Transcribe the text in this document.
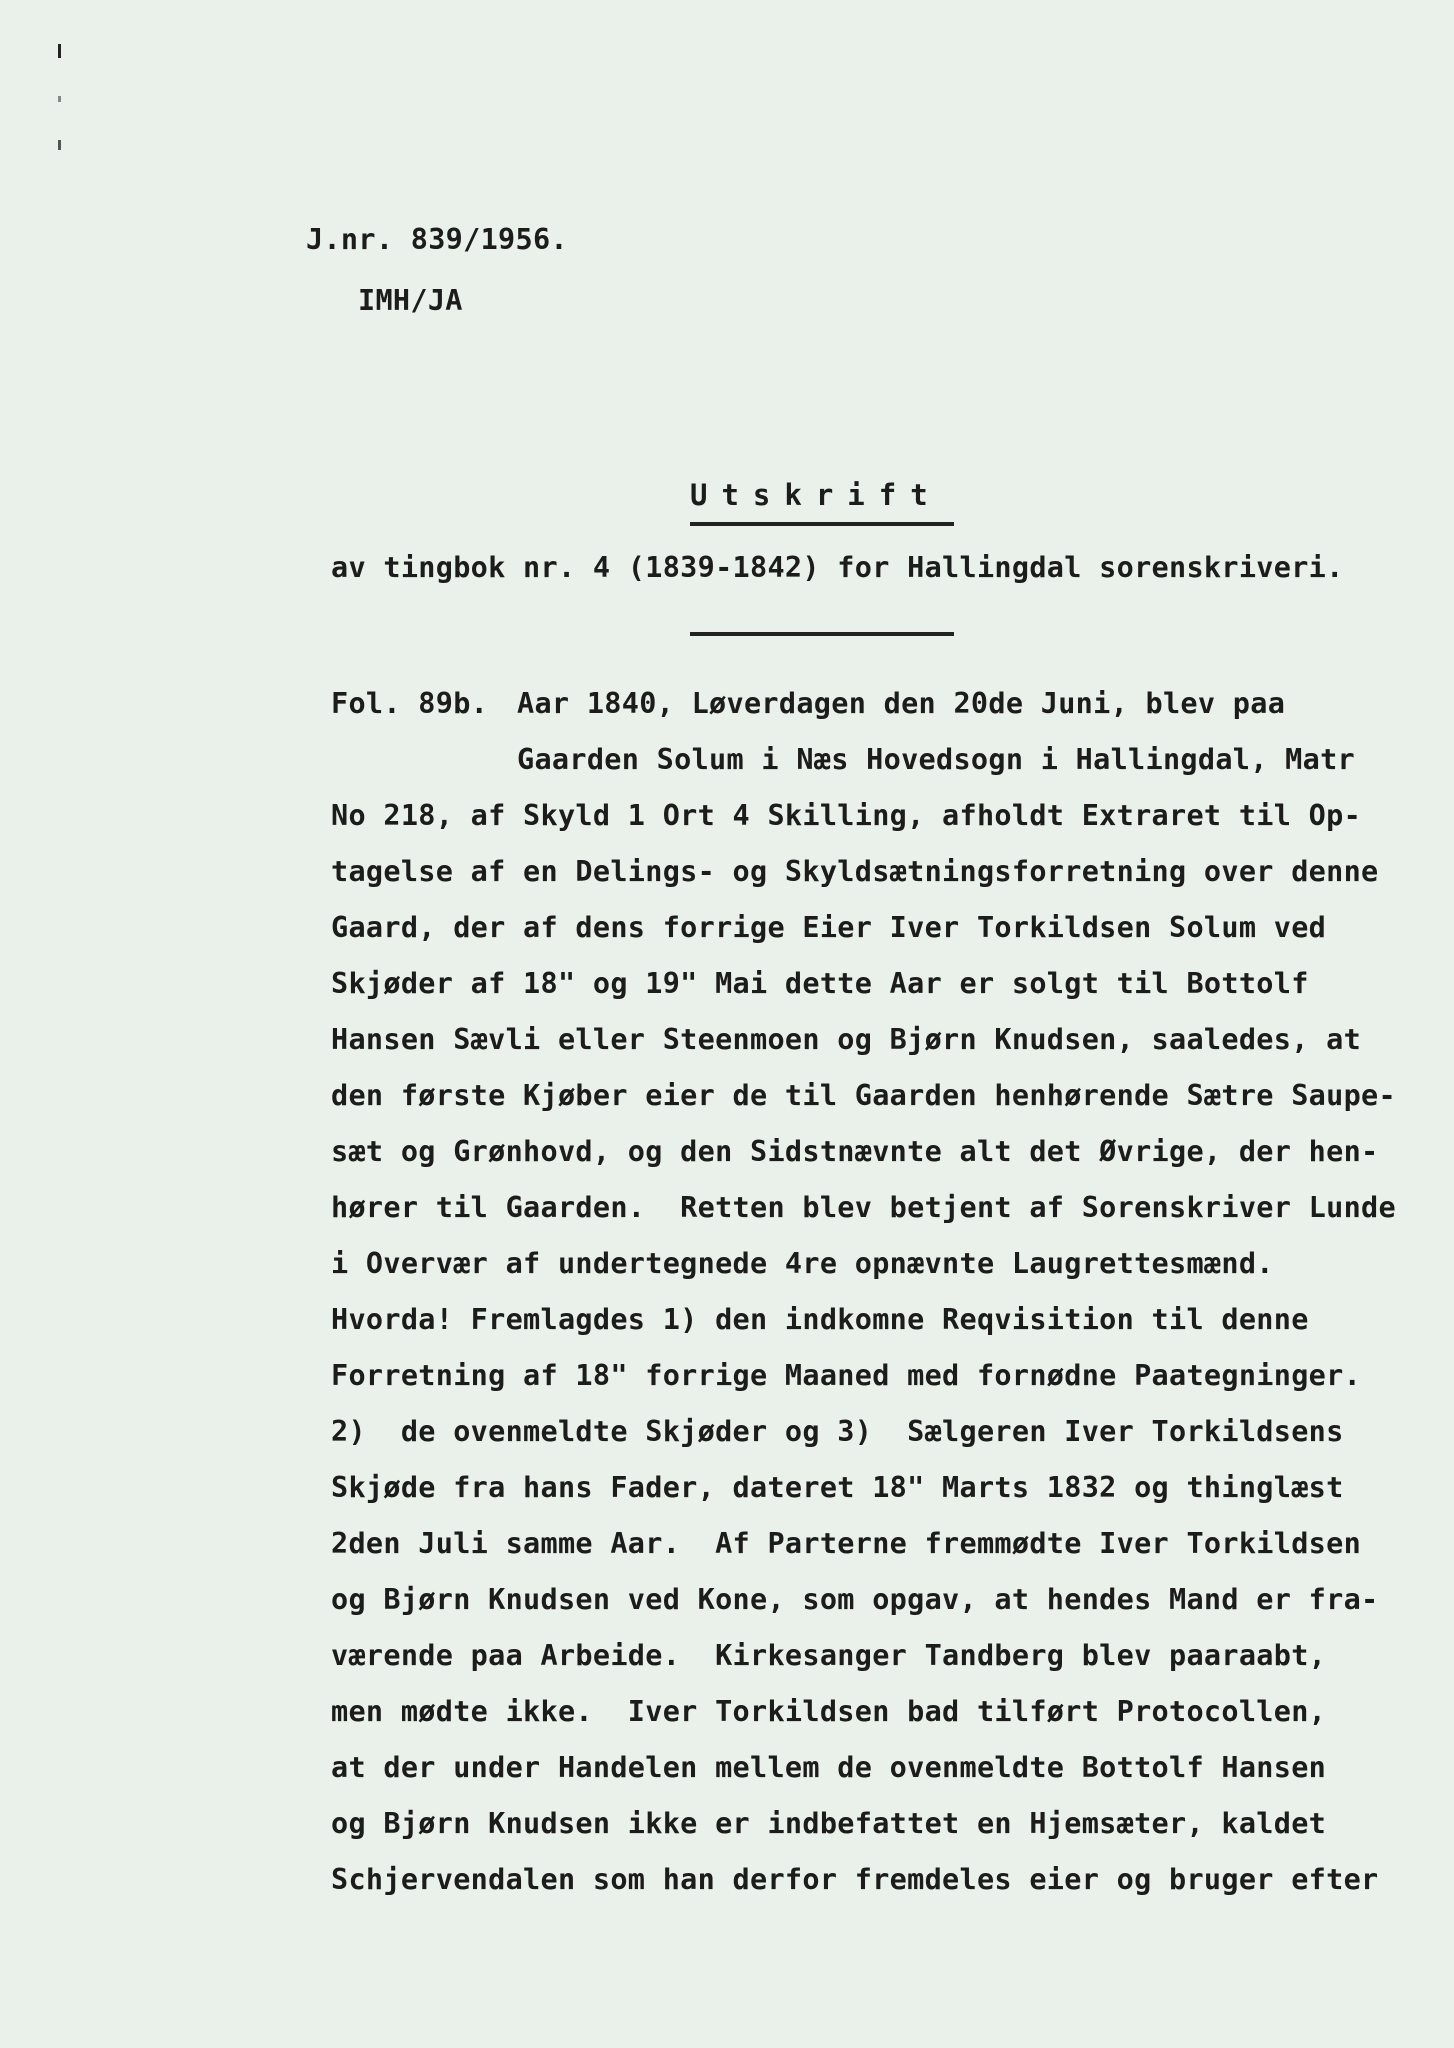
J.nr. 839/1956.
IMH/JA
Utskrift
av tingbok nr. 4 (1839-1842) for Hallingdal sorenskriveri.
Fol. 89b. Aar 1840, Løverdagen den 20de Juni, blev paa
Gaarden Solum i Næs Hovedsogn i Hallingdal, Matr
No 218, af Skyld 1 Ort 4 Skilling, afholdt Extraret til Op-
tagelse af en Delings- og Skyldsætningsforretning over denne
Gaard, der af dens forrige Eier Iver Torkildsen Solum ved
Skjøder af 18" og 19" Mai dette Aar er solgt til Bottolf
Hansen Sævli eller Steenmoen og Bjørn Knudsen, saaledes, at
den første Kjøber eier de til Gaarden henhørende Sætre Saupe-
sæt og Grønhovd, og den Sidstnævnte alt det Øvrige, der hen-
hører til Gaarden.  Retten blev betjent af Sorenskriver Lunde
i Overvær af undertegnede 4re opnævnte Laugrettesmænd.
Hvorda! Fremlagdes 1) den indkomne Reqvisition til denne
Forretning af 18" forrige Maaned med fornødne Paategninger.
2)  de ovenmeldte Skjøder og 3)  Sælgeren Iver Torkildsens
Skjøde fra hans Fader, dateret 18" Marts 1832 og thinglæst
2den Juli samme Aar.  Af Parterne fremmødte Iver Torkildsen
og Bjørn Knudsen ved Kone, som opgav, at hendes Mand er fra-
værende paa Arbeide.  Kirkesanger Tandberg blev paaraabt,
men mødte ikke.  Iver Torkildsen bad tilført Protocollen,
at der under Handelen mellem de ovenmeldte Bottolf Hansen
og Bjørn Knudsen ikke er indbefattet en Hjemsæter, kaldet
Schjervendalen som han derfor fremdeles eier og bruger efter
